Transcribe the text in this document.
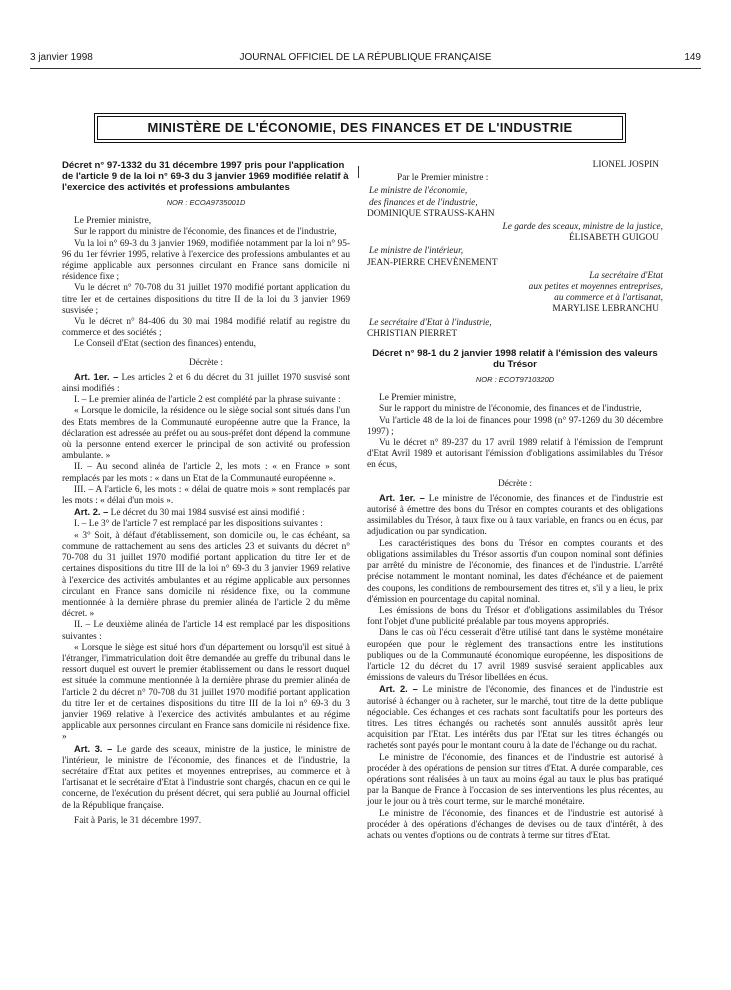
3 janvier 1998	JOURNAL OFFICIEL DE LA RÉPUBLIQUE FRANÇAISE	149
MINISTÈRE DE L'ÉCONOMIE, DES FINANCES ET DE L'INDUSTRIE
Décret n° 97-1332 du 31 décembre 1997 pris pour l'application de l'article 9 de la loi n° 69-3 du 3 janvier 1969 modifiée relatif à l'exercice des activités et professions ambulantes
NOR : ECOA9735001D

Le Premier ministre,

Sur le rapport du ministre de l'économie, des finances et de l'industrie,

Vu la loi n° 69-3 du 3 janvier 1969, modifiée notamment par la loi n° 95-96 du 1er février 1995, relative à l'exercice des professions ambulantes et au régime applicable aux personnes circulant en France sans domicile ni résidence fixe ;

Vu le décret n° 70-708 du 31 juillet 1970 modifié portant application du titre Ier et de certaines dispositions du titre II de la loi du 3 janvier 1969 susvisée ;

Vu le décret n° 84-406 du 30 mai 1984 modifié relatif au registre du commerce et des sociétés ;

Le Conseil d'Etat (section des finances) entendu,

Décrète :

Art. 1er. – Les articles 2 et 6 du décret du 31 juillet 1970 susvisé sont ainsi modifiés :

I. – Le premier alinéa de l'article 2 est complété par la phrase suivante :

« Lorsque le domicile, la résidence ou le siège social sont situés dans l'un des Etats membres de la Communauté européenne autre que la France, la déclaration est adressée au préfet ou au sous-préfet dont dépend la commune où la personne entend exercer le principal de son activité ou profession ambulante. »

II. – Au second alinéa de l'article 2, les mots : « en France » sont remplacés par les mots : « dans un Etat de la Communauté européenne ».

III. – A l'article 6, les mots : « délai de quatre mois » sont remplacés par les mots : « délai d'un mois ».

Art. 2. – Le décret du 30 mai 1984 susvisé est ainsi modifié :

I. – Le 3° de l'article 7 est remplacé par les dispositions suivantes :

« 3° Soit, à défaut d'établissement, son domicile ou, le cas échéant, sa commune de rattachement au sens des articles 23 et suivants du décret n° 70-708 du 31 juillet 1970 modifié portant application du titre Ier et de certaines dispositions du titre III de la loi n° 69-3 du 3 janvier 1969 relative à l'exercice des activités ambulantes et au régime applicable aux personnes circulant en France sans domicile ni résidence fixe, ou la commune mentionnée à la dernière phrase du premier alinéa de l'article 2 du même décret. »

II. – Le deuxième alinéa de l'article 14 est remplacé par les dispositions suivantes :

« Lorsque le siège est situé hors d'un département ou lorsqu'il est situé à l'étranger, l'immatriculation doit être demandée au greffe du tribunal dans le ressort duquel est ouvert le premier établissement ou dans le ressort duquel est située la commune mentionnée à la dernière phrase du premier alinéa de l'article 2 du décret n° 70-708 du 31 juillet 1970 modifié portant application du titre Ier et de certaines dispositions du titre III de la loi n° 69-3 du 3 janvier 1969 relative à l'exercice des activités ambulantes et au régime applicable aux personnes circulant en France sans domicile ni résidence fixe. »

Art. 3. – Le garde des sceaux, ministre de la justice, le ministre de l'intérieur, le ministre de l'économie, des finances et de l'industrie, la secrétaire d'Etat aux petites et moyennes entreprises, au commerce et à l'artisanat et le secrétaire d'Etat à l'industrie sont chargés, chacun en ce qui le concerne, de l'exécution du présent décret, qui sera publié au Journal officiel de la République française.

Fait à Paris, le 31 décembre 1997.

LIONEL JOSPIN
Par le Premier ministre :
Le ministre de l'économie,
des finances et de l'industrie,
DOMINIQUE STRAUSS-KAHN
Le garde des sceaux, ministre de la justice,
ÉLISABETH GUIGOU
Le ministre de l'intérieur,
JEAN-PIERRE CHEVÈNEMENT
La secrétaire d'Etat
aux petites et moyennes entreprises,
au commerce et à l'artisanat,
MARYLISE LEBRANCHU
Le secrétaire d'Etat à l'industrie,
CHRISTIAN PIERRET
Décret n° 98-1 du 2 janvier 1998 relatif à l'émission des valeurs du Trésor
NOR : ECOT9710320D

Le Premier ministre,

Sur le rapport du ministre de l'économie, des finances et de l'industrie,

Vu l'article 48 de la loi de finances pour 1998 (n° 97-1269 du 30 décembre 1997) ;

Vu le décret n° 89-237 du 17 avril 1989 relatif à l'émission de l'emprunt d'Etat Avril 1989 et autorisant l'émission d'obligations assimilables du Trésor en écus,

Décrète :

Art. 1er. – Le ministre de l'économie, des finances et de l'industrie est autorisé à émettre des bons du Trésor en comptes courants et des obligations assimilables du Trésor, à taux fixe ou à taux variable, en francs ou en écus, par adjudication ou par syndication.

Les caractéristiques des bons du Trésor en comptes courants et des obligations assimilables du Trésor assortis d'un coupon nominal sont définies par arrêté du ministre de l'économie, des finances et de l'industrie. L'arrêté précise notamment le montant nominal, les dates d'échéance et de paiement des coupons, les conditions de remboursement des titres et, s'il y a lieu, le prix d'émission en pourcentage du capital nominal.

Les émissions de bons du Trésor et d'obligations assimilables du Trésor font l'objet d'une publicité préalable par tous moyens appropriés.

Dans le cas où l'écu cesserait d'être utilisé tant dans le système monétaire européen que pour le règlement des transactions entre les institutions publiques ou de la Communauté économique européenne, les dispositions de l'article 12 du décret du 17 avril 1989 susvisé seraient applicables aux émissions de valeurs du Trésor libellées en écus.

Art. 2. – Le ministre de l'économie, des finances et de l'industrie est autorisé à échanger ou à racheter, sur le marché, tout titre de la dette publique négociable. Ces échanges et ces rachats sont facultatifs pour les porteurs des titres. Les titres échangés ou rachetés sont annulés aussitôt après leur acquisition par l'Etat. Les intérêts dus par l'Etat sur les titres échangés ou rachetés sont payés pour le montant couru à la date de l'échange ou du rachat.

Le ministre de l'économie, des finances et de l'industrie est autorisé à procéder à des opérations de pension sur titres d'Etat. A durée comparable, ces opérations sont réalisées à un taux au moins égal au taux le plus bas pratiqué par la Banque de France à l'occasion de ses interventions les plus récentes, au jour le jour ou à très court terme, sur le marché monétaire.

Le ministre de l'économie, des finances et de l'industrie est autorisé à procéder à des opérations d'échanges de devises ou de taux d'intérêt, à des achats ou ventes d'options ou de contrats à terme sur titres d'Etat.
